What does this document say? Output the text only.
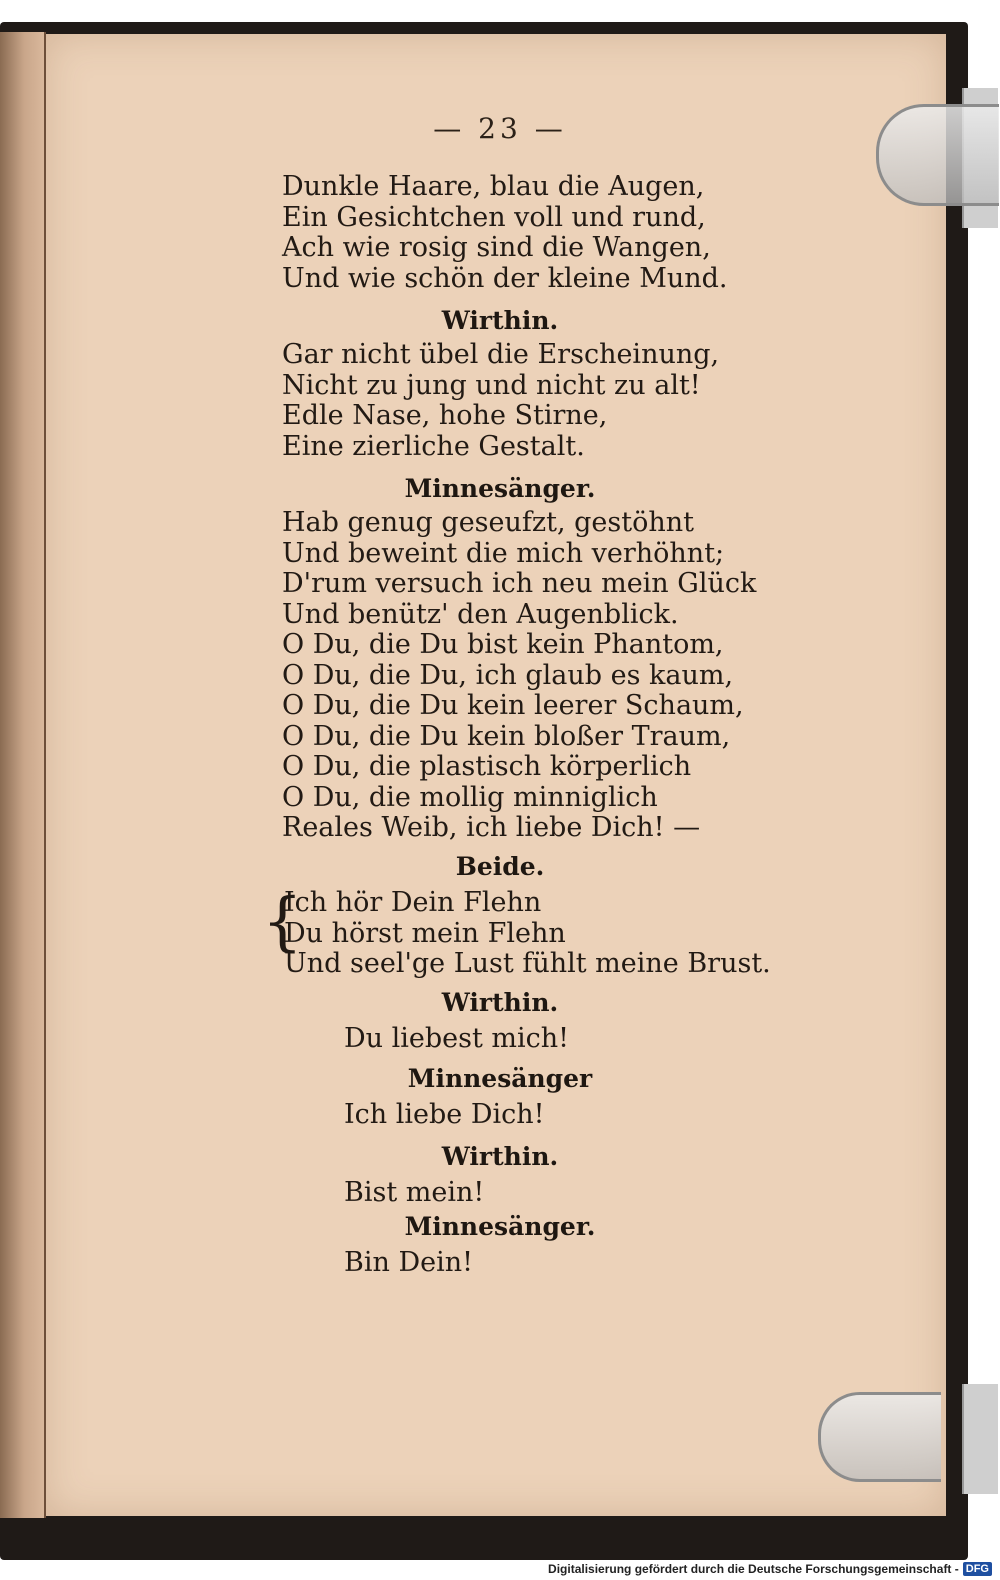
— 23 —
Dunkle Haare, blau die Augen,
Ein Gesichtchen voll und rund,
Ach wie rosig sind die Wangen,
Und wie schön der kleine Mund.
Wirthin.
Gar nicht übel die Erscheinung,
Nicht zu jung und nicht zu alt!
Edle Nase, hohe Stirne,
Eine zierliche Gestalt.
Minnesänger.
Hab genug geseufzt, gestöhnt
Und beweint die mich verhöhnt;
D'rum versuch ich neu mein Glück
Und benütz' den Augenblick.
O Du, die Du bist kein Phantom,
O Du, die Du, ich glaub es kaum,
O Du, die Du kein leerer Schaum,
O Du, die Du kein bloßer Traum,
O Du, die plastisch körperlich
O Du, die mollig minniglich
Reales Weib, ich liebe Dich! —
Beide.
{
Ich hör Dein Flehn
Du hörst mein Flehn
Und seel'ge Lust fühlt meine Brust.
Wirthin.
Du liebest mich!
Minnesänger
Ich liebe Dich!
Wirthin.
Bist mein!
Minnesänger.
Bin Dein!
Digitalisierung gefördert durch die Deutsche Forschungsgemeinschaft - DFG
